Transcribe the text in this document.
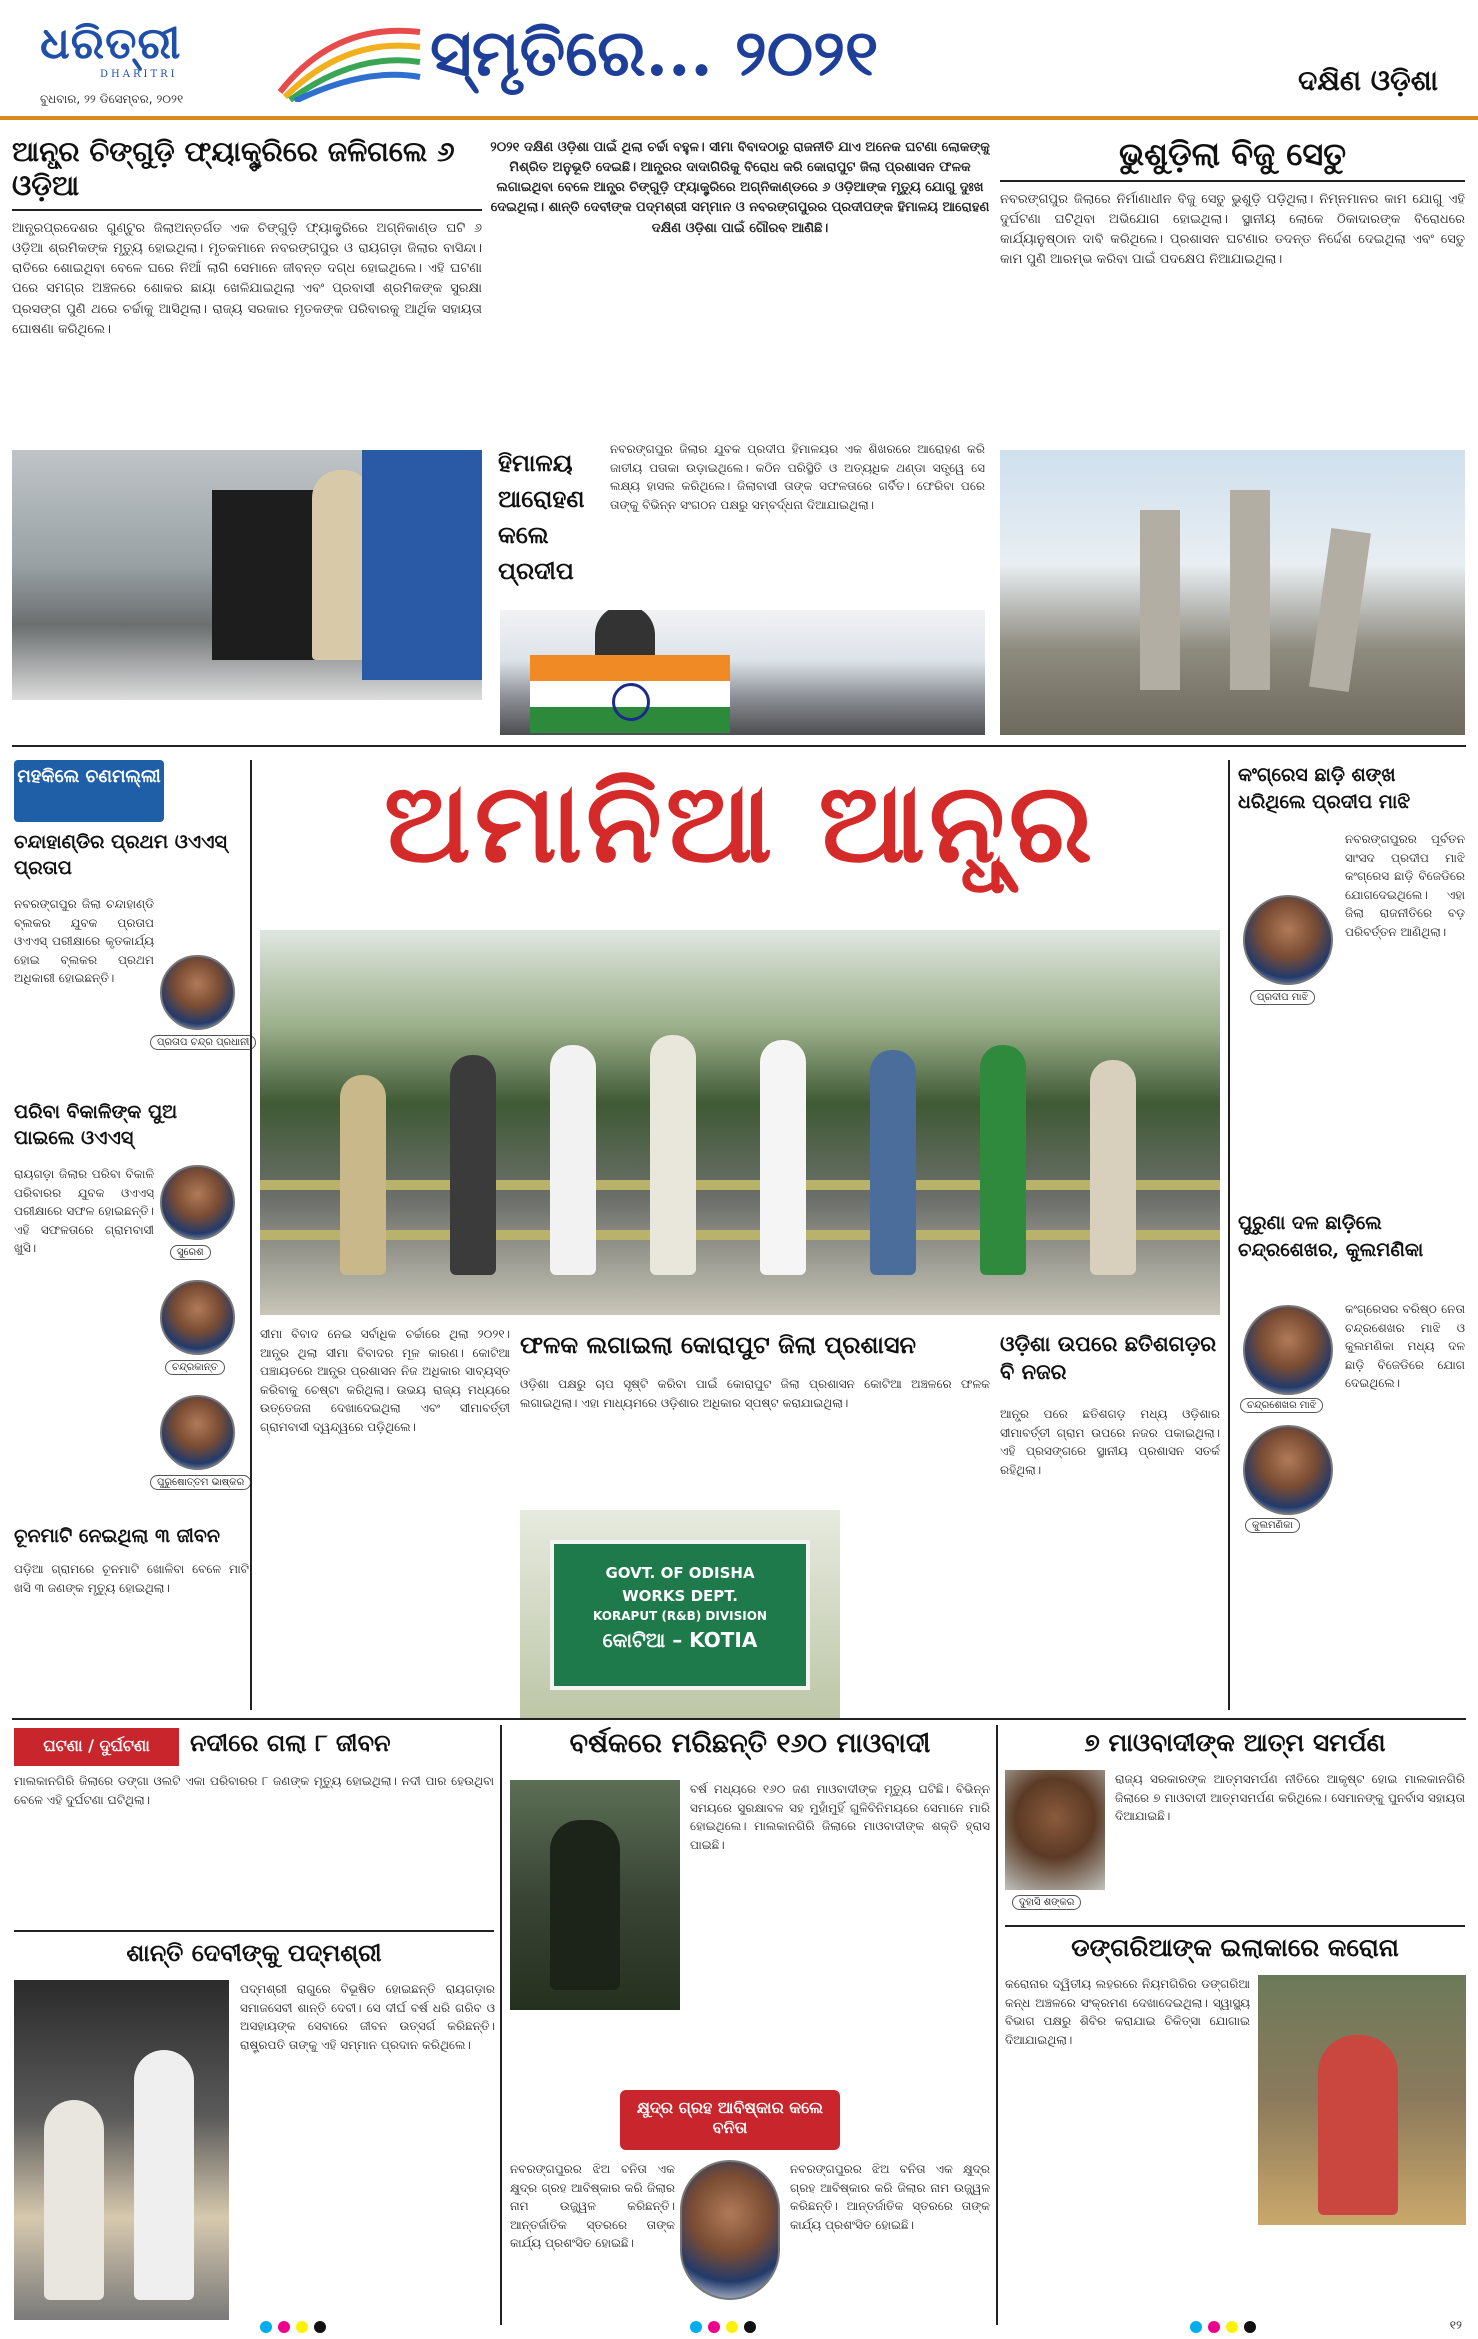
ଧରିତ୍ରୀ
DHARITRI
ବୁଧବାର, ୨୨ ଡିସେମ୍ବର, ୨୦୨୧
ସ୍ମୃତିରେ... ୨୦୨୧	ଦକ୍ଷିଣ ଓଡ଼ିଶା
ଆନ୍ଧ୍ର ଚିଙ୍ଗୁଡ଼ି ଫ୍ୟାକ୍ଟ୍ରିରେ ଜଳିଗଲେ ୬ ଓଡ଼ିଆ
ଆନ୍ଧ୍ରପ୍ରଦେଶର ଗୁଣ୍ଟୁର ଜିଲାଅନ୍ତର୍ଗତ ଏକ ଚିଙ୍ଗୁଡ଼ି ଫ୍ୟାକ୍ଟ୍ରିରେ ଅଗ୍ନିକାଣ୍ଡ ଘଟି ୬ ଓଡ଼ିଆ ଶ୍ରମିକଙ୍କ ମୃତ୍ୟୁ ହୋଇଥିଲା। ମୃତକମାନେ ନବରଙ୍ଗପୁର ଓ ରାୟଗଡ଼ା ଜିଲାର ବାସିନ୍ଦା। ରାତିରେ ଶୋଇଥିବା ବେଳେ ଘରେ ନିଆଁ ଲାଗି ସେମାନେ ଜୀବନ୍ତ ଦଗ୍ଧ ହୋଇଥିଲେ। ଏହି ଘଟଣା ପରେ ସମଗ୍ର ଅଞ୍ଚଳରେ ଶୋକର ଛାୟା ଖେଳିଯାଇଥିଲା ଏବଂ ପ୍ରବାସୀ ଶ୍ରମିକଙ୍କ ସୁରକ୍ଷା ପ୍ରସଙ୍ଗ ପୁଣି ଥରେ ଚର୍ଚ୍ଚାକୁ ଆସିଥିଲା। ରାଜ୍ୟ ସରକାର ମୃତକଙ୍କ ପରିବାରକୁ ଆର୍ଥିକ ସହାୟତା ଘୋଷଣା କରିଥିଲେ।
୨୦୨୧ ଦକ୍ଷିଣ ଓଡ଼ିଶା ପାଇଁ ଥିଲା ଚର୍ଚ୍ଚା ବହୁଳ। ସୀମା ବିବାଦଠାରୁ ରାଜନୀତି ଯାଏ ଅନେକ ଘଟଣା ଲୋକଙ୍କୁ ମିଶ୍ରିତ ଅନୁଭୂତି ଦେଇଛି। ଆନ୍ଧ୍ରର ଦାଦାଗିରିକୁ ବିରୋଧ କରି କୋରାପୁଟ ଜିଲା ପ୍ରଶାସନ ଫଳକ ଲଗାଇଥିବା ବେଳେ ଆନ୍ଧ୍ର ଚିଙ୍ଗୁଡ଼ି ଫ୍ୟାକ୍ଟ୍ରିରେ ଅଗ୍ନିକାଣ୍ଡରେ ୬ ଓଡ଼ିଆଙ୍କ ମୃତ୍ୟୁ ଯୋଗୁ ଦୁଃଖ ଦେଇଥିଲା। ଶାନ୍ତି ଦେବୀଙ୍କ ପଦ୍ମଶ୍ରୀ ସମ୍ମାନ ଓ ନବରଙ୍ଗପୁରର ପ୍ରଦୀପଙ୍କ ହିମାଳୟ ଆରୋହଣ ଦକ୍ଷିଣ ଓଡ଼ିଶା ପାଇଁ ଗୌରବ ଆଣିଛି।
ହିମାଳୟ ଆରୋହଣ କଲେ ପ୍ରଦୀପ
ନବରଙ୍ଗପୁର ଜିଲାର ଯୁବକ ପ୍ରଦୀପ ହିମାଳୟର ଏକ ଶିଖରରେ ଆରୋହଣ କରି ଜାତୀୟ ପତାକା ଉଡ଼ାଇଥିଲେ। କଠିନ ପରିସ୍ଥିତି ଓ ଅତ୍ୟଧିକ ଥଣ୍ଡା ସତ୍ତ୍ୱେ ସେ ଲକ୍ଷ୍ୟ ହାସଲ କରିଥିଲେ। ଜିଲାବାସୀ ତାଙ୍କ ସଫଳତାରେ ଗର୍ବିତ। ଫେରିବା ପରେ ତାଙ୍କୁ ବିଭିନ୍ନ ସଂଗଠନ ପକ୍ଷରୁ ସମ୍ବର୍ଦ୍ଧନା ଦିଆଯାଇଥିଲା।
ଭୁଶୁଡ଼ିଲା ବିଜୁ ସେତୁ
ନବରଙ୍ଗପୁର ଜିଲାରେ ନିର୍ମାଣାଧୀନ ବିଜୁ ସେତୁ ଭୁଶୁଡ଼ି ପଡ଼ିଥିଲା। ନିମ୍ନମାନର କାମ ଯୋଗୁ ଏହି ଦୁର୍ଘଟଣା ଘଟିଥିବା ଅଭିଯୋଗ ହୋଇଥିଲା। ସ୍ଥାନୀୟ ଲୋକେ ଠିକାଦାରଙ୍କ ବିରୋଧରେ କାର୍ଯ୍ୟାନୁଷ୍ଠାନ ଦାବି କରିଥିଲେ। ପ୍ରଶାସନ ଘଟଣାର ତଦନ୍ତ ନିର୍ଦ୍ଦେଶ ଦେଇଥିଲା ଏବଂ ସେତୁ କାମ ପୁଣି ଆରମ୍ଭ କରିବା ପାଇଁ ପଦକ୍ଷେପ ନିଆଯାଇଥିଲା।
ମହକିଲେ ଚଣମଲ୍ଲୀ
ଚନ୍ଦାହାଣ୍ଡିର ପ୍ରଥମ ଓଏଏସ୍ ପ୍ରତାପ
ନବରଙ୍ଗପୁର ଜିଲା ଚନ୍ଦାହାଣ୍ଡି ବ୍ଲକର ଯୁବକ ପ୍ରତାପ ଓଏଏସ୍ ପରୀକ୍ଷାରେ କୃତକାର୍ଯ୍ୟ ହୋଇ ବ୍ଲକର ପ୍ରଥମ ଅଧିକାରୀ ହୋଇଛନ୍ତି।
ପ୍ରତାପ ଚନ୍ଦ୍ର ପ୍ରଧାନୀ
ପରିବା ବିକାଳିଙ୍କ ପୁଅ ପାଇଲେ ଓଏଏସ୍
ରାୟଗଡ଼ା ଜିଲାର ପରିବା ବିକାଳି ପରିବାରର ଯୁବକ ଓଏଏସ୍ ପରୀକ୍ଷାରେ ସଫଳ ହୋଇଛନ୍ତି। ଏହି ସଫଳତାରେ ଗ୍ରାମବାସୀ ଖୁସି।	ସୁରେଶ
ଚନ୍ଦ୍ରକାନ୍ତ
ପୁରୁଷୋତ୍ତମ ଭାଷ୍କର
ଅମାନିଆ ଆନ୍ଧ୍ର	କଂଗ୍ରେସ ଛାଡ଼ି ଶଙ୍ଖ ଧରିଥିଲେ ପ୍ରଦୀପ ମାଝି
ପ୍ରଦୀପ ମାଝି
ନବରଙ୍ଗପୁରର ପୂର୍ବତନ ସାଂସଦ ପ୍ରଦୀପ ମାଝି କଂଗ୍ରେସ ଛାଡ଼ି ବିଜେଡିରେ ଯୋଗଦେଇଥିଲେ। ଏହା ଜିଲା ରାଜନୀତିରେ ବଡ଼ ପରିବର୍ତ୍ତନ ଆଣିଥିଲା।
ପୁରୁଣା ଦଳ ଛାଡ଼ିଲେ ଚନ୍ଦ୍ରଶେଖର, କୁଲମଣିକା
ଚନ୍ଦ୍ରଶେଖର ମାଝି
କୁଲମଣିକା
କଂଗ୍ରେସର ବରିଷ୍ଠ ନେତା ଚନ୍ଦ୍ରଶେଖର ମାଝି ଓ କୁଲମଣିକା ମଧ୍ୟ ଦଳ ଛାଡ଼ି ବିଜେଡିରେ ଯୋଗ ଦେଇଥିଲେ।
ସୀମା ବିବାଦ ନେଇ ସର୍ବାଧିକ ଚର୍ଚ୍ଚାରେ ଥିଲା ୨୦୨୧। ଆନ୍ଧ୍ର ଥିଲା ସୀମା ବିବାଦର ମୂଳ କାରଣ। କୋଟିଆ ପଞ୍ଚାୟତରେ ଆନ୍ଧ୍ର ପ୍ରଶାସନ ନିଜ ଅଧିକାର ସାବ୍ୟସ୍ତ କରିବାକୁ ଚେଷ୍ଟା କରିଥିଲା। ଉଭୟ ରାଜ୍ୟ ମଧ୍ୟରେ ଉତ୍ତେଜନା ଦେଖାଦେଇଥିଲା ଏବଂ ସୀମାବର୍ତ୍ତୀ ଗ୍ରାମବାସୀ ଦ୍ୱନ୍ଦ୍ୱରେ ପଡ଼ିଥିଲେ।
ଫଳକ ଲଗାଇଲା କୋରାପୁଟ ଜିଲା ପ୍ରଶାସନ
ଓଡ଼ିଶା ପକ୍ଷରୁ ଚାପ ସୃଷ୍ଟି କରିବା ପାଇଁ କୋରାପୁଟ ଜିଲା ପ୍ରଶାସନ କୋଟିଆ ଅଞ୍ଚଳରେ ଫଳକ ଲଗାଇଥିଲା। ଏହା ମାଧ୍ୟମରେ ଓଡ଼ିଶାର ଅଧିକାର ସ୍ପଷ୍ଟ କରାଯାଇଥିଲା।
GOVT. OF ODISHA
WORKS DEPT.
KORAPUT (R&B) DIVISION
କୋଟିଆ – KOTIA
ଓଡ଼ିଶା ଉପରେ ଛତିଶଗଡ଼ର ବି ନଜର
ଆନ୍ଧ୍ର ପରେ ଛତିଶଗଡ଼ ମଧ୍ୟ ଓଡ଼ିଶାର ସୀମାବର୍ତ୍ତୀ ଗ୍ରାମ ଉପରେ ନଜର ପକାଇଥିଲା। ଏହି ପ୍ରସଙ୍ଗରେ ସ୍ଥାନୀୟ ପ୍ରଶାସନ ସତର୍କ ରହିଥିଲା।
ଚୂନମାଟି ନେଇଥିଲା ୩ ଜୀବନ
ପଡ଼ିଆ ଗ୍ରାମରେ ଚୂନମାଟି ଖୋଳିବା ବେଳେ ମାଟି ଖସି ୩ ଜଣଙ୍କ ମୃତ୍ୟୁ ହୋଇଥିଲା।
ଘଟଣା / ଦୁର୍ଘଟଣା	ନଦୀରେ ଗଲା ୮ ଜୀବନ
ମାଲକାନଗିରି ଜିଲାରେ ଡଙ୍ଗା ଓଲଟି ଏକା ପରିବାରର ୮ ଜଣଙ୍କ ମୃତ୍ୟୁ ହୋଇଥିଲା। ନଦୀ ପାର ହେଉଥିବା ବେଳେ ଏହି ଦୁର୍ଘଟଣା ଘଟିଥିଲା।
ଶାନ୍ତି ଦେବୀଙ୍କୁ ପଦ୍ମଶ୍ରୀ
ପଦ୍ମଶ୍ରୀ ରାଗୁରେ ବିଭୂଷିତ ହୋଇଛନ୍ତି ରାୟଗଡ଼ାର ସମାଜସେବୀ ଶାନ୍ତି ଦେବୀ। ସେ ଦୀର୍ଘ ବର୍ଷ ଧରି ଗରିବ ଓ ଅସହାୟଙ୍କ ସେବାରେ ଜୀବନ ଉତ୍ସର୍ଗ କରିଛନ୍ତି। ରାଷ୍ଟ୍ରପତି ତାଙ୍କୁ ଏହି ସମ୍ମାନ ପ୍ରଦାନ କରିଥିଲେ।
ବର୍ଷକରେ ମରିଛନ୍ତି ୧୬୦ ମାଓବାଦୀ
ବର୍ଷ ମଧ୍ୟରେ ୧୬୦ ଜଣ ମାଓବାଦୀଙ୍କ ମୃତ୍ୟୁ ଘଟିଛି। ବିଭିନ୍ନ ସମୟରେ ସୁରକ୍ଷାବଳ ସହ ମୁହାଁମୁହିଁ ଗୁଳିବିନିମୟରେ ସେମାନେ ମାରି ହୋଇଥିଲେ। ମାଲକାନଗିରି ଜିଲାରେ ମାଓବାଦୀଙ୍କ ଶକ୍ତି ହ୍ରାସ ପାଇଛି।
କ୍ଷୁଦ୍ର ଗ୍ରହ ଆବିଷ୍କାର କଲେ ବନିତା
ନବରଙ୍ଗପୁରର ଝିଅ ବନିତା ଏକ କ୍ଷୁଦ୍ର ଗ୍ରହ ଆବିଷ୍କାର କରି ଜିଲାର ନାମ ଉଜ୍ଜ୍ୱଳ କରିଛନ୍ତି। ଆନ୍ତର୍ଜାତିକ ସ୍ତରରେ ତାଙ୍କ କାର୍ଯ୍ୟ ପ୍ରଶଂସିତ ହୋଇଛି।
ନବରଙ୍ଗପୁରର ଝିଅ ବନିତା ଏକ କ୍ଷୁଦ୍ର ଗ୍ରହ ଆବିଷ୍କାର କରି ଜିଲାର ନାମ ଉଜ୍ଜ୍ୱଳ କରିଛନ୍ତି। ଆନ୍ତର୍ଜାତିକ ସ୍ତରରେ ତାଙ୍କ କାର୍ଯ୍ୟ ପ୍ରଶଂସିତ ହୋଇଛି।
୭ ମାଓବାଦୀଙ୍କ ଆତ୍ମ ସମର୍ପଣ
ଦୁହାସି ଶଙ୍କର
ରାଜ୍ୟ ସରକାରଙ୍କ ଆତ୍ମସମର୍ପଣ ନୀତିରେ ଆକୃଷ୍ଟ ହୋଇ ମାଲକାନଗିରି ଜିଲାରେ ୭ ମାଓବାଦୀ ଆତ୍ମସମର୍ପଣ କରିଥିଲେ। ସେମାନଙ୍କୁ ପୁନର୍ବାସ ସହାୟତା ଦିଆଯାଇଛି।
ଡଙ୍ଗରିଆଙ୍କ ଇଲାକାରେ କରୋନା
କରୋନାର ଦ୍ୱିତୀୟ ଲହରରେ ନିୟମଗିରିର ଡଙ୍ଗରିଆ କନ୍ଧ ଅଞ୍ଚଳରେ ସଂକ୍ରମଣ ଦେଖାଦେଇଥିଲା। ସ୍ୱାସ୍ଥ୍ୟ ବିଭାଗ ପକ୍ଷରୁ ଶିବିର କରାଯାଇ ଚିକିତ୍ସା ଯୋଗାଇ ଦିଆଯାଇଥିଲା।
୧୨
